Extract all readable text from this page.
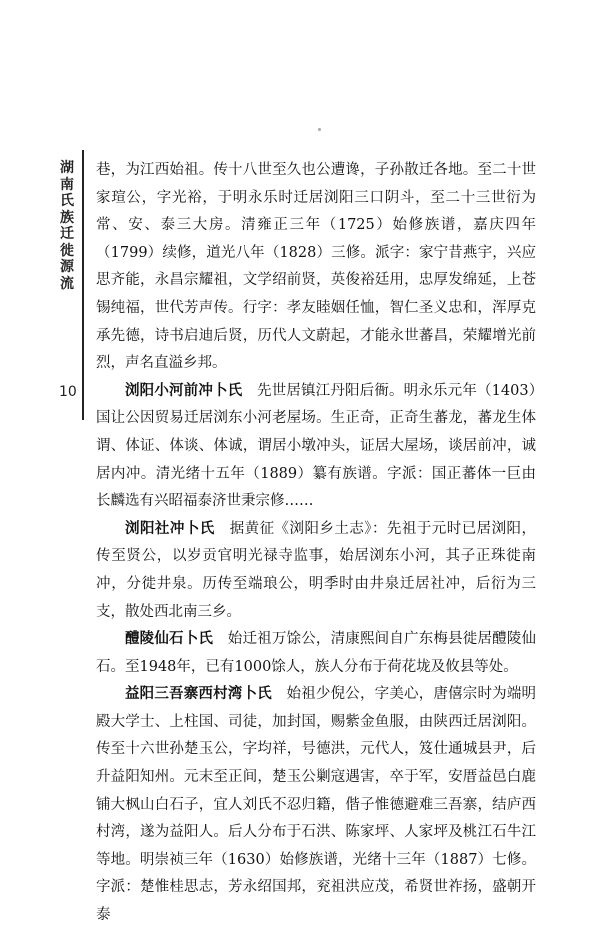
湖南氏族迁徙源流
10

巷，为江西始祖。传十八世至久也公遭谗，子孙散迁各地。至二十世家瑄公，字光裕，于明永乐时迁居浏阳三口阴斗，至二十三世衍为常、安、泰三大房。清雍正三年（1725）始修族谱，嘉庆四年（1799）续修，道光八年（1828）三修。派字：家宁昔燕宇，兴应思齐能，永昌宗耀祖，文学绍前贤，英俊裕廷用，忠厚发绵延，上苍锡纯福，世代芳声传。行字：孝友睦姻任恤，智仁圣义忠和，浑厚克承先德，诗书启迪后贤，历代人文蔚起，才能永世蕃昌，荣耀增光前烈，声名直溢乡邦。

浏阳小河前冲卜氏　先世居镇江丹阳后衙。明永乐元年（1403）国让公因贸易迁居浏东小河老屋场。生正奇，正奇生蕃龙，蕃龙生体谓、体证、体谈、体诚，谓居小墩冲头，证居大屋场，谈居前冲，诚居内冲。清光绪十五年（1889）纂有族谱。字派：国正蕃体一巨由长麟选有兴昭福泰济世秉宗修……

浏阳社冲卜氏　据黄征《浏阳乡土志》：先祖于元时已居浏阳，传至贤公，以岁贡官明光禄寺监事，始居浏东小河，其子正珠徙南冲，分徙井泉。历传至端琅公，明季时由井泉迁居社冲，后衍为三支，散处西北南三乡。

醴陵仙石卜氏　始迁祖万馀公，清康熙间自广东梅县徙居醴陵仙石。至1948年，已有1000馀人，族人分布于荷花垅及攸县等处。

益阳三吾寨西村湾卜氏　始祖少倪公，字美心，唐僖宗时为端明殿大学士、上柱国、司徒，加封国，赐紫金鱼服，由陕西迁居浏阳。传至十六世孙楚玉公，字均祥，号德洪，元代人，笈仕通城县尹，后升益阳知州。元末至正间，楚玉公剿寇遇害，卒于军，安厝益邑白鹿铺大枫山白石子，宜人刘氏不忍归籍，偕子惟德避难三吾寨，结庐西村湾，遂为益阳人。后人分布于石洪、陈家坪、人家坪及桃江石牛江等地。明崇祯三年（1630）始修族谱，光绪十三年（1887）七修。字派：楚惟桂思志，芳永绍国邦，兖祖洪应茂，希贤世祚扬，盛朝开泰
